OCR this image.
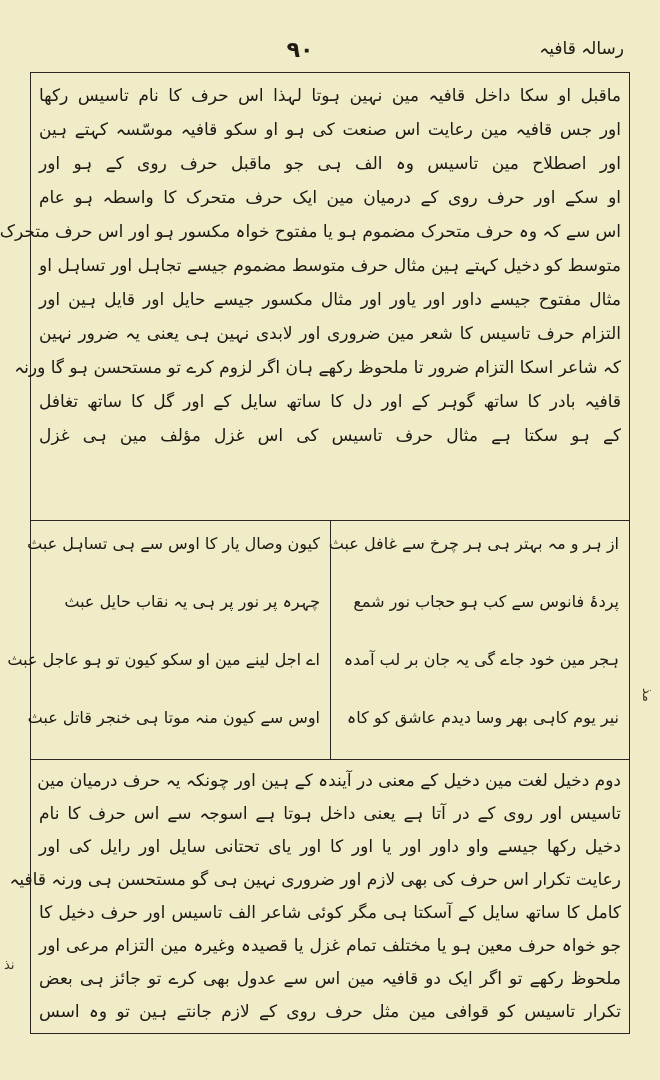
رسالہ قافیہ
۹۰
ماقبل او سکا داخل قافیہ مین نہین ہوتا لہذا اس حرف کا نام تاسیس رکھا
اور جس قافیہ مین رعایت اس صنعت کی ہو او سکو قافیہ موسّسہ کہتے ہین
اور اصطلاح مین تاسیس وہ الف ہی جو ماقبل حرف روی کے ہو اور
او سکے اور حرف روی کے درمیان مین ایک حرف متحرک کا واسطہ ہو عام
اس سے کہ وہ حرف متحرک مضموم ہو یا مفتوح خواہ مکسور ہو اور اس حرف متحرک
متوسط کو دخیل کہتے ہین مثال حرف متوسط مضموم جیسے تجاہل اور تساہل او
مثال مفتوح جیسے داور اور یاور اور مثال مکسور جیسے حایل اور قایل ہین اور
التزام حرف تاسیس کا شعر مین ضروری اور لابدی نہین ہی یعنی یہ ضرور نہین
کہ شاعر اسکا التزام ضرور تا ملحوظ رکھے ہان اگر لزوم کرے تو مستحسن ہو گا ورنہ
قافیہ بادر کا ساتھ گوہر کے اور دل کا ساتھ سایل کے اور گل کا ساتھ تغافل
کے ہو سکتا ہے مثال حرف تاسیس کی اس غزل مؤلف مین ہی غزل
از ہر و مہ بہتر ہی ہر چرخ سے غافل عبث
پردۂ فانوس سے کب ہو حجاب نور شمع
ہجر مین خود جاے گی یہ جان بر لب آمدہ
نیر یوم کاہی بھر وسا دیدم عاشق کو کاہ
کیون وصال یار کا اوس سے ہی تساہل عبث
چہرہ پر نور پر ہی یہ نقاب حایل عبث
اے اجل لینے مین او سکو کیون تو ہو عاجل عبث
اوس سے کیون منہ موتا ہی خنجر قاتل عبث
دوم دخیل لغت مین دخیل کے معنی در آیندہ کے ہین اور چونکہ یہ حرف درمیان مین
تاسیس اور روی کے در آتا ہے یعنی داخل ہوتا ہے اسوجہ سے اس حرف کا نام
دخیل رکھا جیسے واو داور اور یا اور کا اور یای تحتانی سایل اور رایل کی اور
رعایت تکرار اس حرف کی بھی لازم اور ضروری نہین ہی گو مستحسن ہی ورنہ قافیہ
کامل کا ساتھ سایل کے آسکتا ہی مگر کوئی شاعر الف تاسیس اور حرف دخیل کا
جو خواہ حرف معین ہو یا مختلف تمام غزل یا قصیدہ وغیرہ مین التزام مرعی اور
ملحوظ رکھے تو اگر ایک دو قافیہ مین اس سے عدول بھی کرے تو جائز ہی بعض
تکرار تاسیس کو قوافی مین مثل حرف روی کے لازم جانتے ہین تو وہ اسس
مذ
نذ
